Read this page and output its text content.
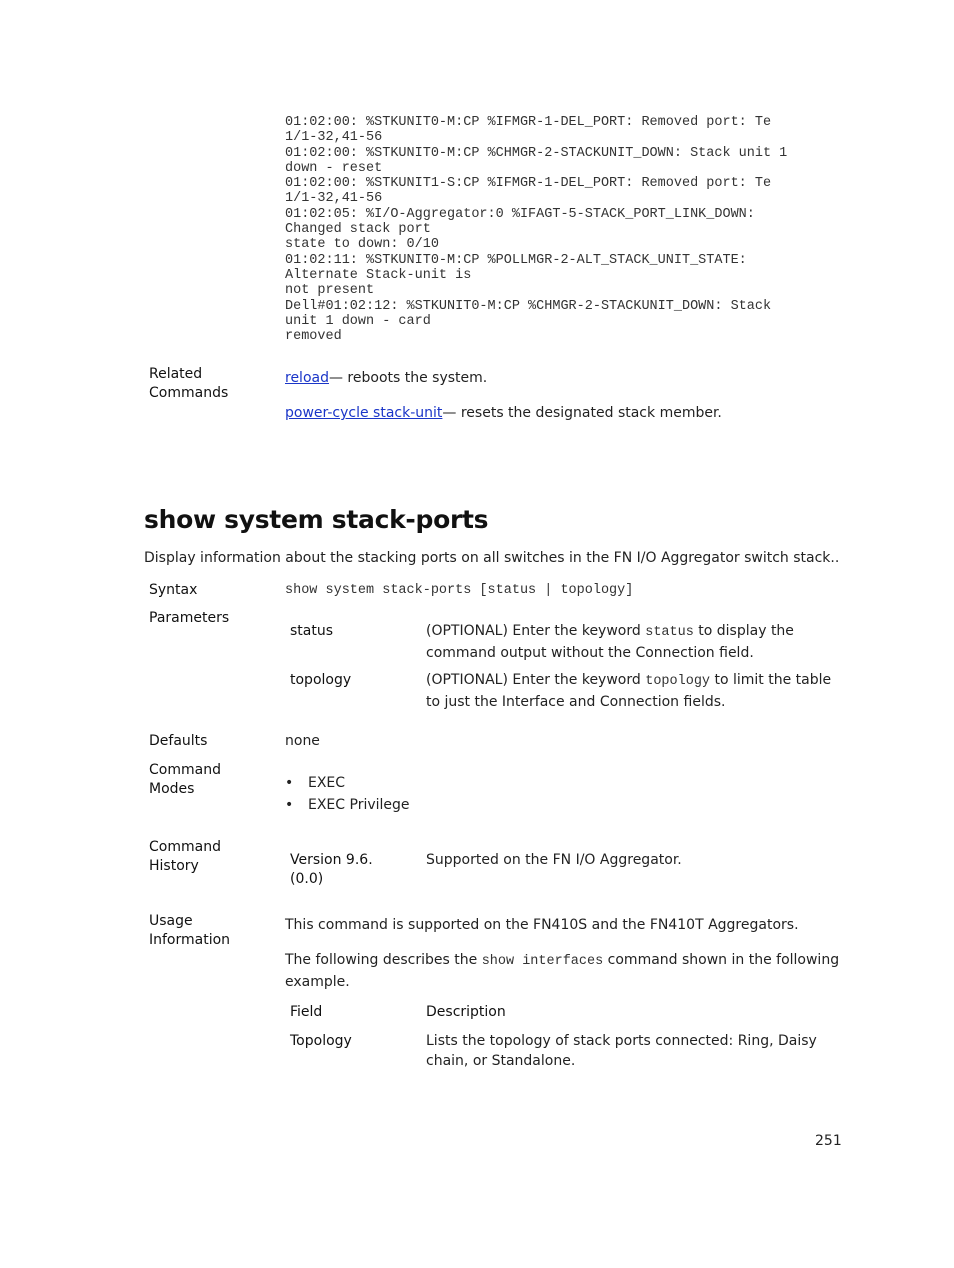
01:02:00: %STKUNIT0-M:CP %IFMGR-1-DEL_PORT: Removed port: Te
1/1-32,41-56
01:02:00: %STKUNIT0-M:CP %CHMGR-2-STACKUNIT_DOWN: Stack unit 1
down - reset
01:02:00: %STKUNIT1-S:CP %IFMGR-1-DEL_PORT: Removed port: Te
1/1-32,41-56
01:02:05: %I/O-Aggregator:0 %IFAGT-5-STACK_PORT_LINK_DOWN:
Changed stack port
state to down: 0/10
01:02:11: %STKUNIT0-M:CP %POLLMGR-2-ALT_STACK_UNIT_STATE:
Alternate Stack-unit is
not present
Dell#01:02:12: %STKUNIT0-M:CP %CHMGR-2-STACKUNIT_DOWN: Stack
unit 1 down - card
removed
Related
Commands
reload— reboots the system.
power-cycle stack-unit— resets the designated stack member.
show system stack-ports
Display information about the stacking ports on all switches in the FN I/O Aggregator switch stack..
Syntax	show system stack-ports [status | topology]
Parameters
status	(OPTIONAL) Enter the keyword status to display the
command output without the Connection field.
topology	(OPTIONAL) Enter the keyword topology to limit the table
to just the Interface and Connection fields.
Defaults	none
Command
Modes
•	EXEC
• EXEC Privilege
Command
History	Version 9.6.
(0.0)
Supported on the FN I/O Aggregator.
Usage
Information
This command is supported on the FN410S and the FN410T Aggregators.
The following describes the show interfaces command shown in the following
example.
Field	Description
Topology	Lists the topology of stack ports connected: Ring, Daisy
chain, or Standalone.
251
